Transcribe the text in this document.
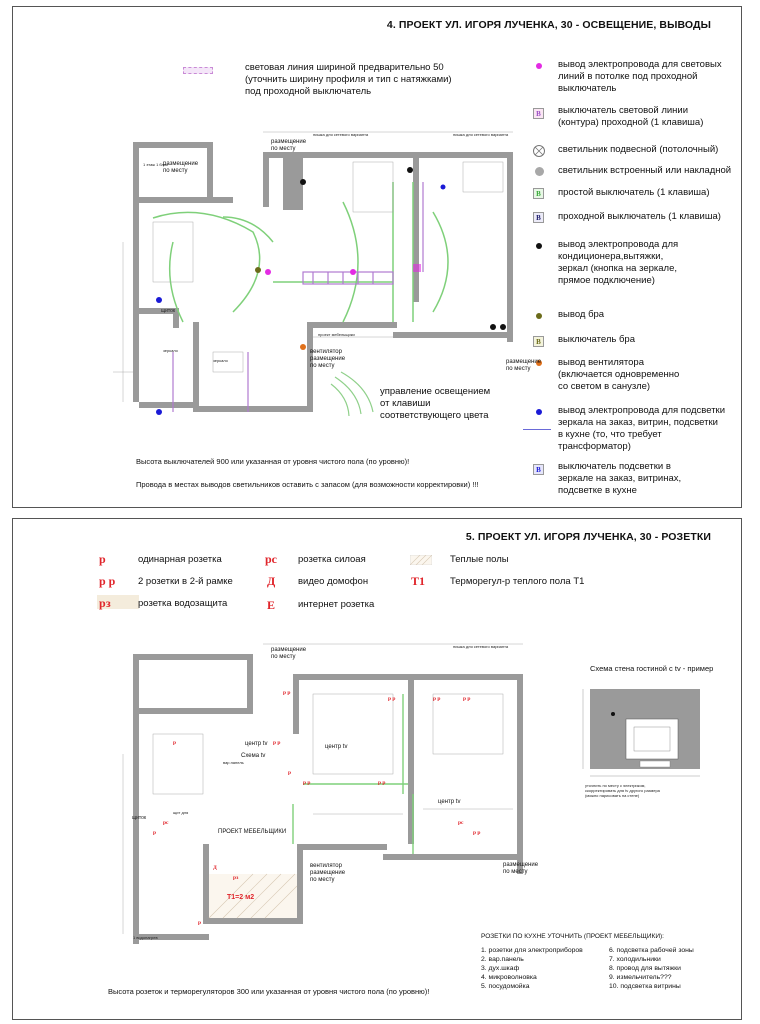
4. ПРОЕКТ УЛ. ИГОРЯ ЛУЧЕНКА, 30 - ОСВЕЩЕНИЕ, ВЫВОДЫ
световая линия шириной предварительно 50
(уточнить ширину профиля и тип с натяжками)
под проходной выключатель
вывод электропровода для световых
линий в потолке под проходной
выключатель
B	выключатель световой линии
(контура) проходной (1 клавиша)
светильник подвесной (потолочный)
светильник встроенный или накладной
B	простой выключатель (1 клавиша)
B	проходной выключатель (1 клавиша)
вывод электропровода для
кондиционера,вытяжки,
зеркал (кнопка на зеркале,
прямое подключение)
вывод бра
B	выключатель бра
вывод вентилятора
(включается одновременно
со светом в санузле)
вывод электропровода для подсветки
зеркала на заказ, витрин, подсветки
в кухне (то, что требует
трансформатор)
B	выключатель подсветки в
зеркале на заказ, витринах,
подсветке в кухне
1 этаж 1 блок
нишка для сетевого варианта	нишка для сетевого варианта
зеркало
зеркало
размещение
по месту
размещение
по месту
вентилятор
размещение
по месту
проект мебельщики
размещение
по месту
щиток
управление освещением
от клавиши
соответствующего цвета
Высота выключателей 900 или указанная от уровня чистого пола (по уровню)!
Провода в местах выводов светильников оставить с запасом (для возможности корректировки) !!!
5. ПРОЕКТ УЛ. ИГОРЯ ЛУЧЕНКА, 30 - РОЗЕТКИ
р	одинарная розетка
р р 2 розетки в 2-й рамке
рз	розетка водозащита
рс розетка силоая
Д видео домофон
Е интернет розетка
Теплые полы
Т1	Терморегул-р теплого пола Т1
р р
р р	р р	р р
р
р р	р р
р
рс
р
Д
рз
р
рс
р р
р р
нишка для сетевого варианта
щит для
вар.панель
1 водонагрев
размещение
по месту
центр tv
Схема tv
центр tv
центр tv
ПРОЕКТ МЕБЕЛЬЩИКИ
вентилятор
размещение
по месту
Т1=2 м2
размещение
по месту
щиток
Схема стена гостиной с tv - пример
уточнить по месту с электриком,
скорректировать для tv другого размера
(можно нарисовать на стене)
РОЗЕТКИ ПО КУХНЕ УТОЧНИТЬ (ПРОЕКТ МЕБЕЛЬЩИКИ):
1. розетки для электроприборов
2. вар.панель
3. дух.шкаф
4. микроволновка
5. посудомойка
6. подсветка рабочей зоны
7. холодильники
8. провод для вытяжки
9. измельчитель???
10. подсветка витрины
Высота розеток и терморегуляторов 300 или указанная от уровня чистого пола (по уровню)!
